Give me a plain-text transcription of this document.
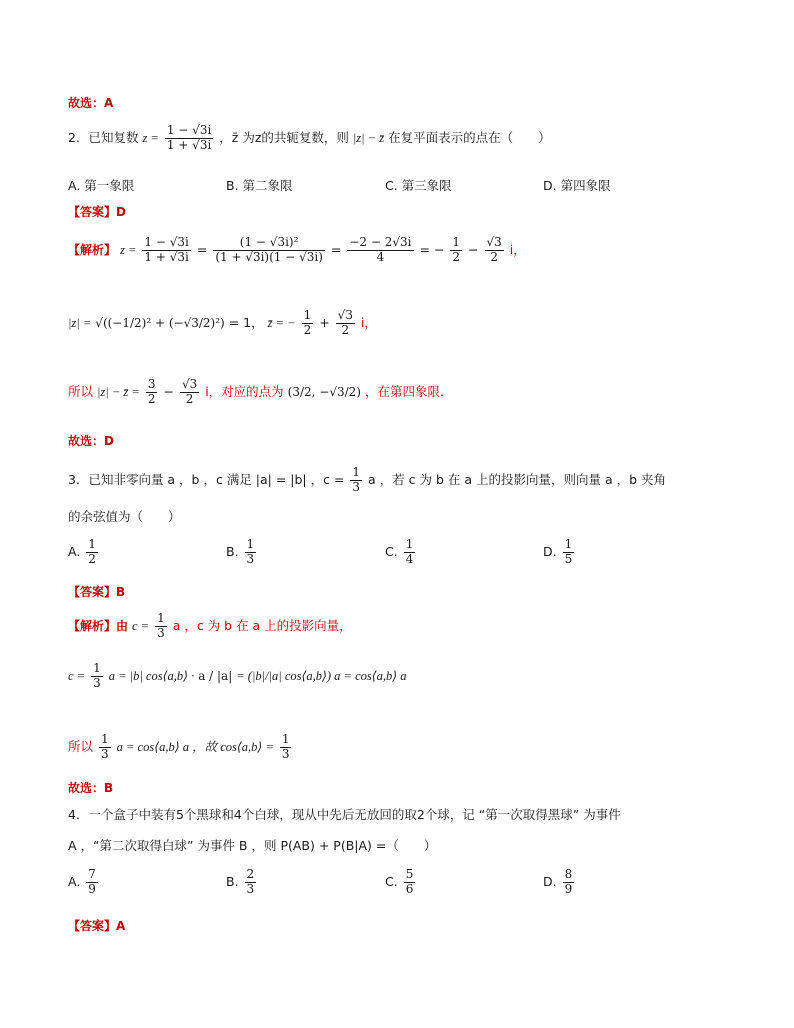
故选：A
2．已知复数 $z = \frac{1 - √3i}{1 + √3i}$ ，z̄ 为z的共轭复数，则 |z| − z̄ 在复平面表示的点在（　　）
A. 第一象限	B. 第二象限	C. 第三象限	D. 第四象限
【答案】D
【解析】 $z = \frac{1 - √3i}{1 + √3i} = \frac{\text{(1 − √3i)²}}{(1 + √3i)(1 - √3i)} = \frac{-2 - 2√3i}{4}$ = − $\frac{1}{2} - \frac{√3}{2}$ i，
|z| = √((−1/2)² + (−√3/2)²) = 1， z̄ = − $\frac{1}{2} + \frac{√3}{2}$ i，
所以 |z| − z̄ = $\frac{3}{2} - \frac{√3}{2}$ i，对应的点为 (3/2, −√3/2) ，在第四象限.
故选：D
3．已知非零向量 a ，b ，c 满足 |a| = |b| ，$c = \frac{1}{3}$ a ，若 c 为 b 在 a 上的投影向量，则向量 a ，b 夹角
的余弦值为（　　）
A. $\frac{1}{2}$	B. $\frac{1}{3}$	C. $\frac{1}{4}$	D. $\frac{1}{5}$
【答案】B
【解析】由 $c = \frac{1}{3}$ a ，c 为 b 在 a 上的投影向量，
$c = \frac{1}{3}$ a = |b| cos⟨a,b⟩ · a / |a| = (|b|/|a| cos⟨a,b⟩) a = cos⟨a,b⟩ a
所以 $\frac{1}{3}$ a = cos⟨a,b⟩ a ，故 cos⟨a,b⟩ = $\frac{1}{3}$
故选：B
4．一个盒子中装有5个黑球和4个白球，现从中先后无放回的取2个球，记 “第一次取得黑球” 为事件
A ，“第二次取得白球” 为事件 B ，则 P(AB) + P(B|A) =（　　）
A. $\frac{7}{9}$	B. $\frac{2}{3}$	C. $\frac{5}{6}$	D. $\frac{8}{9}$
【答案】A
